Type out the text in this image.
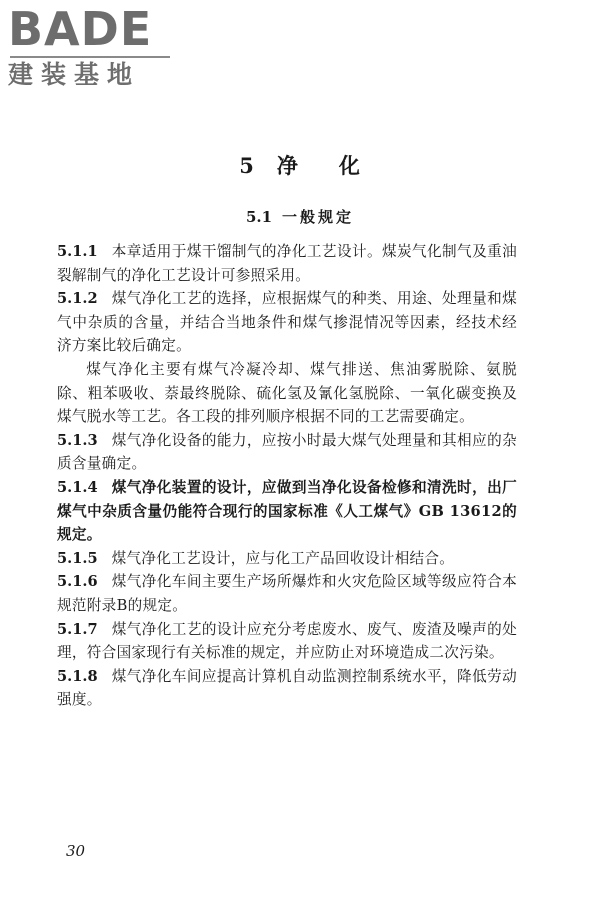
BADE
建装基地
5 净 化
5.1 一般规定

5.1.1 本章适用于煤干馏制气的净化工艺设计。煤炭气化制气及重油裂解制气的净化工艺设计可参照采用。

5.1.2 煤气净化工艺的选择，应根据煤气的种类、用途、处理量和煤气中杂质的含量，并结合当地条件和煤气掺混情况等因素，经技术经济方案比较后确定。

煤气净化主要有煤气冷凝冷却、煤气排送、焦油雾脱除、氨脱除、粗苯吸收、萘最终脱除、硫化氢及氰化氢脱除、一氧化碳变换及煤气脱水等工艺。各工段的排列顺序根据不同的工艺需要确定。

5.1.3 煤气净化设备的能力，应按小时最大煤气处理量和其相应的杂质含量确定。

5.1.4 煤气净化装置的设计，应做到当净化设备检修和清洗时，出厂煤气中杂质含量仍能符合现行的国家标准《人工煤气》GB 13612的规定。

5.1.5 煤气净化工艺设计，应与化工产品回收设计相结合。

5.1.6 煤气净化车间主要生产场所爆炸和火灾危险区域等级应符合本规范附录B的规定。

5.1.7 煤气净化工艺的设计应充分考虑废水、废气、废渣及噪声的处理，符合国家现行有关标准的规定，并应防止对环境造成二次污染。

5.1.8 煤气净化车间应提高计算机自动监测控制系统水平，降低劳动强度。

30
